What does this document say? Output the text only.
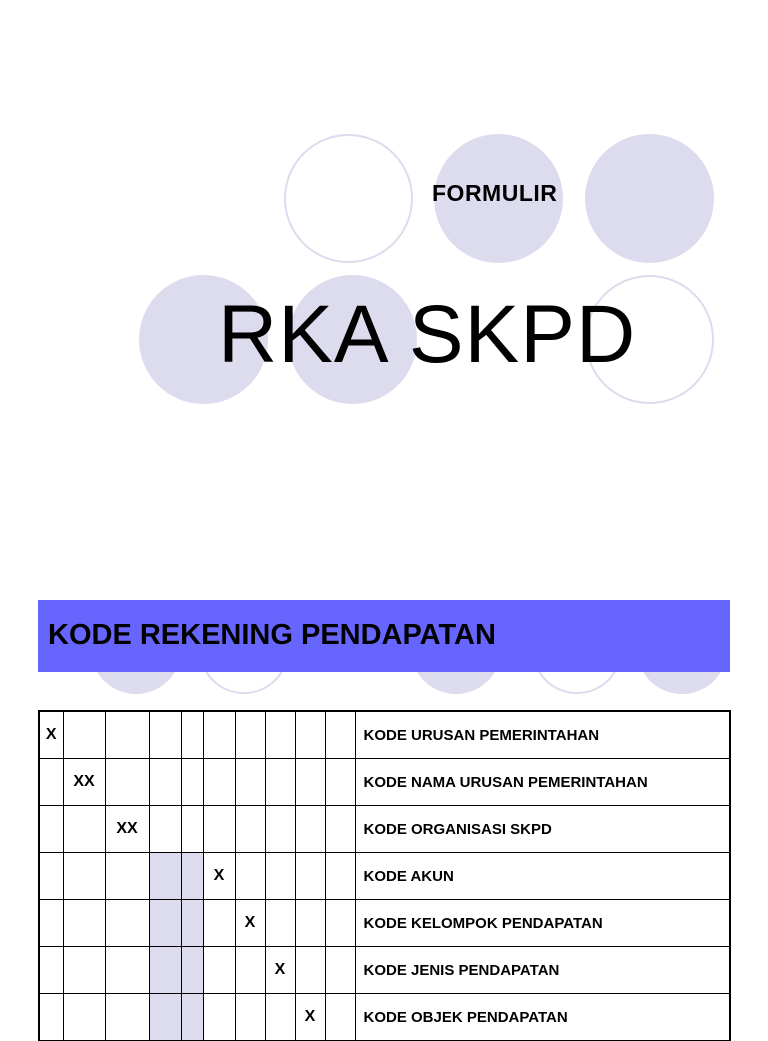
FORMULIR
RKA SKPD
KODE REKENING PENDAPATAN
X										KODE URUSAN PEMERINTAHAN
	XX									KODE NAMA URUSAN PEMERINTAHAN
		XX								KODE ORGANISASI SKPD
					X					KODE AKUN
						X				KODE KELOMPOK PENDAPATAN
							X			KODE JENIS PENDAPATAN
								X		KODE OBJEK PENDAPATAN
